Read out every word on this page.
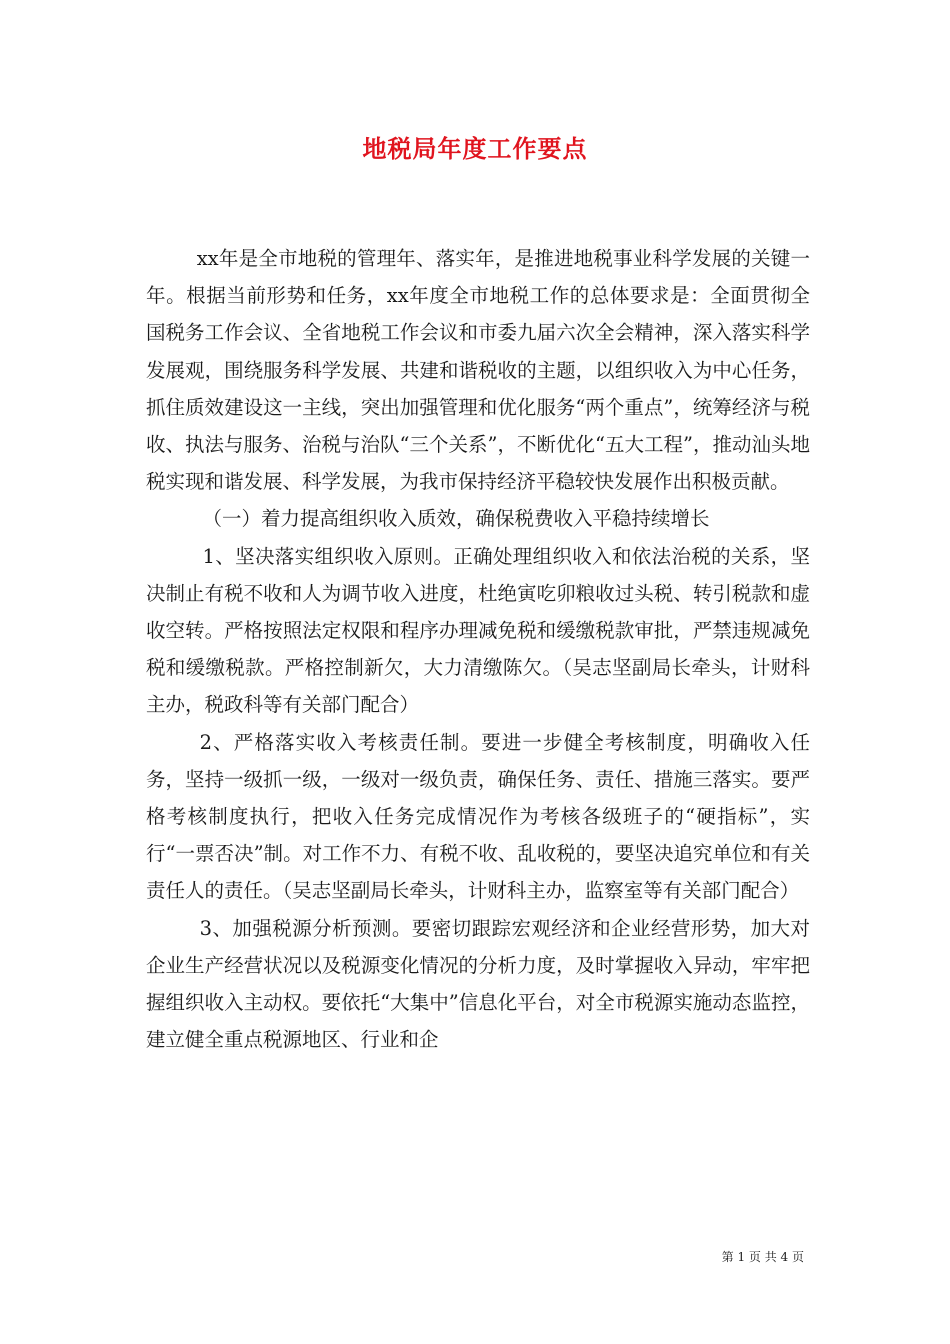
地税局年度工作要点

xx年是全市地税的管理年、落实年，是推进地税事业科学发展的关键一年。根据当前形势和任务，xx年度全市地税工作的总体要求是：全面贯彻全国税务工作会议、全省地税工作会议和市委九届六次全会精神，深入落实科学发展观，围绕服务科学发展、共建和谐税收的主题，以组织收入为中心任务，抓住质效建设这一主线，突出加强管理和优化服务“两个重点”，统筹经济与税收、执法与服务、治税与治队“三个关系”，不断优化“五大工程”，推动汕头地税实现和谐发展、科学发展，为我市保持经济平稳较快发展作出积极贡献。

（一）着力提高组织收入质效，确保税费收入平稳持续增长

1、坚决落实组织收入原则。正确处理组织收入和依法治税的关系，坚决制止有税不收和人为调节收入进度，杜绝寅吃卯粮收过头税、转引税款和虚收空转。严格按照法定权限和程序办理减免税和缓缴税款审批，严禁违规减免税和缓缴税款。严格控制新欠，大力清缴陈欠。（吴志坚副局长牵头，计财科主办，税政科等有关部门配合）

2、严格落实收入考核责任制。要进一步健全考核制度，明确收入任务，坚持一级抓一级，一级对一级负责，确保任务、责任、措施三落实。要严格考核制度执行，把收入任务完成情况作为考核各级班子的“硬指标”，实行“一票否决”制。对工作不力、有税不收、乱收税的，要坚决追究单位和有关责任人的责任。（吴志坚副局长牵头，计财科主办，监察室等有关部门配合）

3、加强税源分析预测。要密切跟踪宏观经济和企业经营形势，加大对企业生产经营状况以及税源变化情况的分析力度，及时掌握收入异动，牢牢把握组织收入主动权。要依托“大集中”信息化平台，对全市税源实施动态监控，建立健全重点税源地区、行业和企

第 1 页 共 4 页
